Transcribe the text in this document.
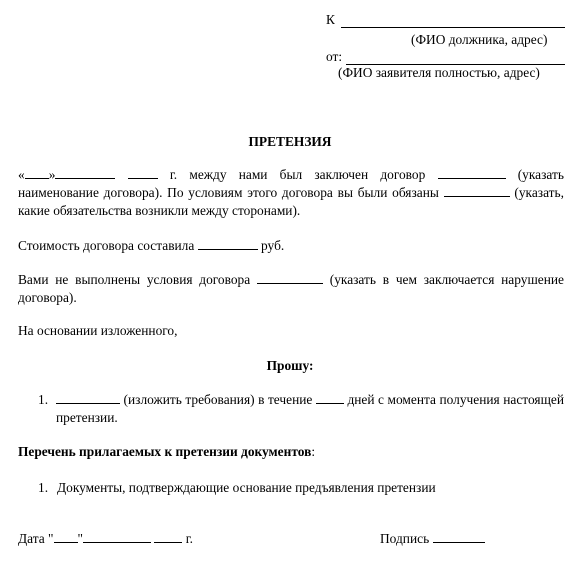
К
(ФИО должника, адрес)
от:
(ФИО заявителя полностью, адрес)
ПРЕТЕНЗИЯ
« »	г. между нами был заключен договор	(указать наименование договора). По условиям этого договора вы были обязаны	(указать, какие обязательства возникли между сторонами).
Стоимость договора составила	руб.
Вами не выполнены условия договора	(указать в чем заключается нарушение договора).
На основании изложенного,
Прошу:
1.	(изложить требования) в течение	дней с момента получения настоящей претензии.
Перечень прилагаемых к претензии документов:
1. Документы, подтверждающие основание предъявления претензии
Дата " "	г.	Подпись
